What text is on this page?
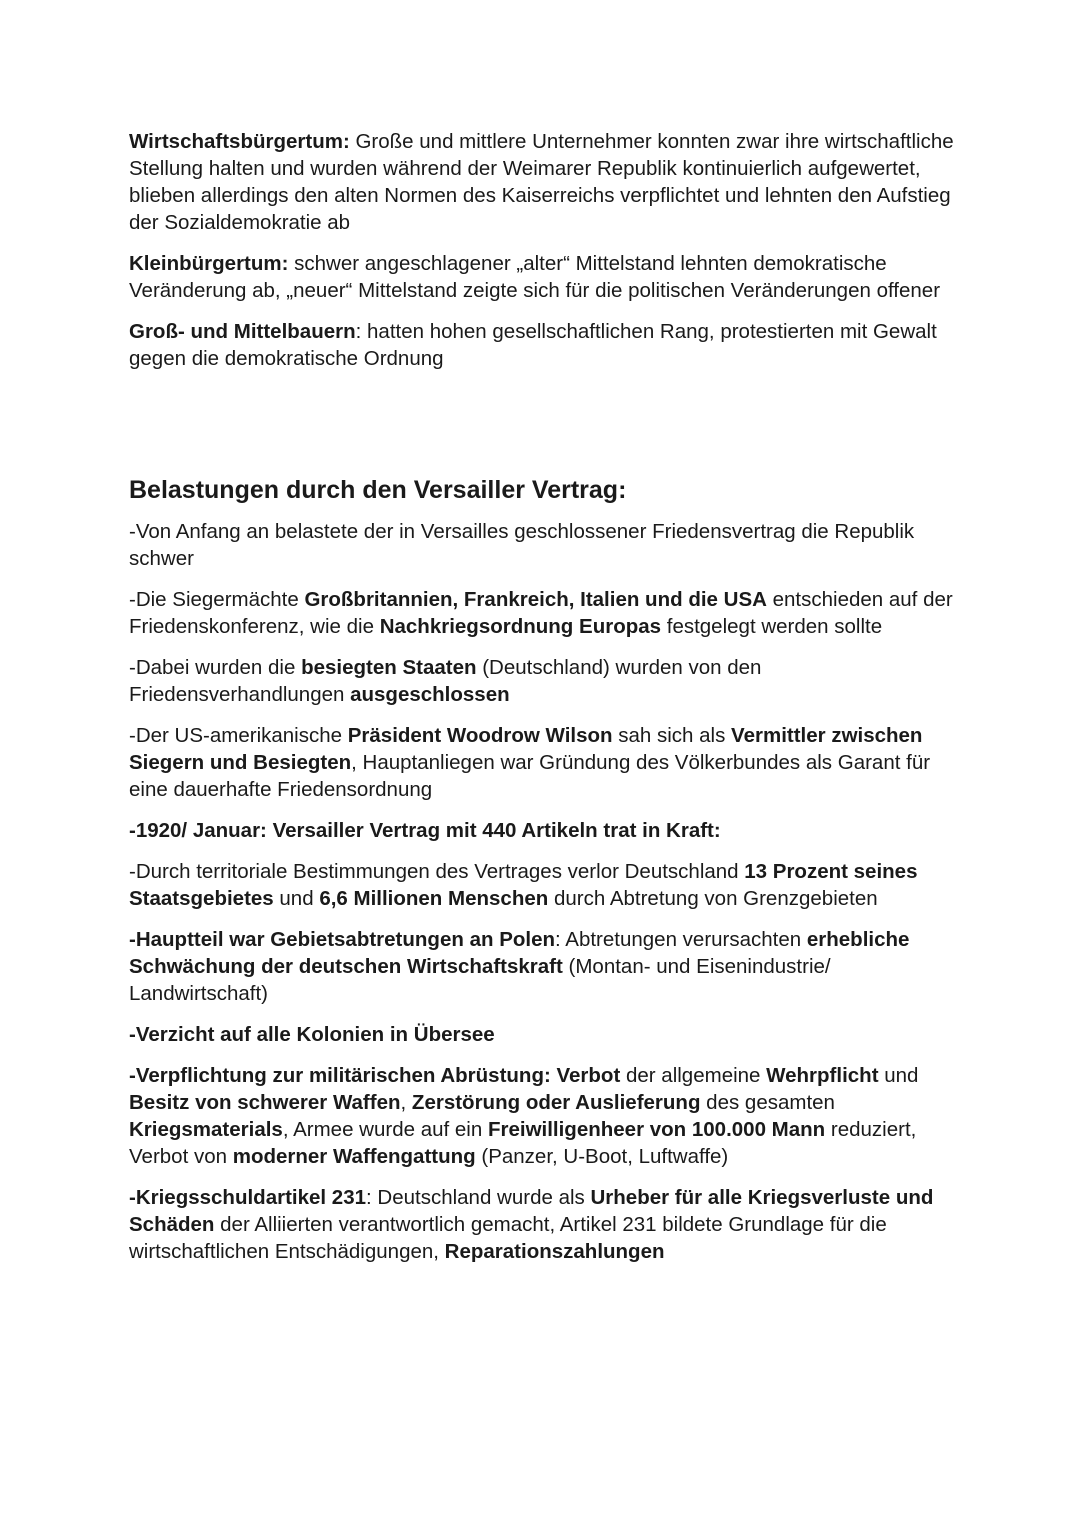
Wirtschaftsbürgertum: Große und mittlere Unternehmer konnten zwar ihre wirtschaftliche Stellung halten und wurden während der Weimarer Republik kontinuierlich aufgewertet, blieben allerdings den alten Normen des Kaiserreichs verpflichtet und lehnten den Aufstieg der Sozialdemokratie ab

Kleinbürgertum: schwer angeschlagener „alter“ Mittelstand lehnten demokratische Veränderung ab, „neuer“ Mittelstand zeigte sich für die politischen Veränderungen offener

Groß- und Mittelbauern: hatten hohen gesellschaftlichen Rang, protestierten mit Gewalt gegen die demokratische Ordnung

Belastungen durch den Versailler Vertrag:

-Von Anfang an belastete der in Versailles geschlossener Friedensvertrag die Republik schwer

-Die Siegermächte Großbritannien, Frankreich, Italien und die USA entschieden auf der Friedenskonferenz, wie die Nachkriegsordnung Europas festgelegt werden sollte

-Dabei wurden die besiegten Staaten (Deutschland) wurden von den Friedensverhandlungen ausgeschlossen

-Der US-amerikanische Präsident Woodrow Wilson sah sich als Vermittler zwischen Siegern und Besiegten, Hauptanliegen war Gründung des Völkerbundes als Garant für eine dauerhafte Friedensordnung

-1920/ Januar: Versailler Vertrag mit 440 Artikeln trat in Kraft:

-Durch territoriale Bestimmungen des Vertrages verlor Deutschland 13 Prozent seines Staatsgebietes und 6,6 Millionen Menschen durch Abtretung von Grenzgebieten

-Hauptteil war Gebietsabtretungen an Polen: Abtretungen verursachten erhebliche Schwächung der deutschen Wirtschaftskraft (Montan- und Eisenindustrie/ Landwirtschaft)

-Verzicht auf alle Kolonien in Übersee

-Verpflichtung zur militärischen Abrüstung: Verbot der allgemeine Wehrpflicht und Besitz von schwerer Waffen, Zerstörung oder Auslieferung des gesamten Kriegsmaterials, Armee wurde auf ein Freiwilligenheer von 100.000 Mann reduziert, Verbot von moderner Waffengattung (Panzer, U-Boot, Luftwaffe)

-Kriegsschuldartikel 231: Deutschland wurde als Urheber für alle Kriegsverluste und Schäden der Alliierten verantwortlich gemacht, Artikel 231 bildete Grundlage für die wirtschaftlichen Entschädigungen, Reparationszahlungen
